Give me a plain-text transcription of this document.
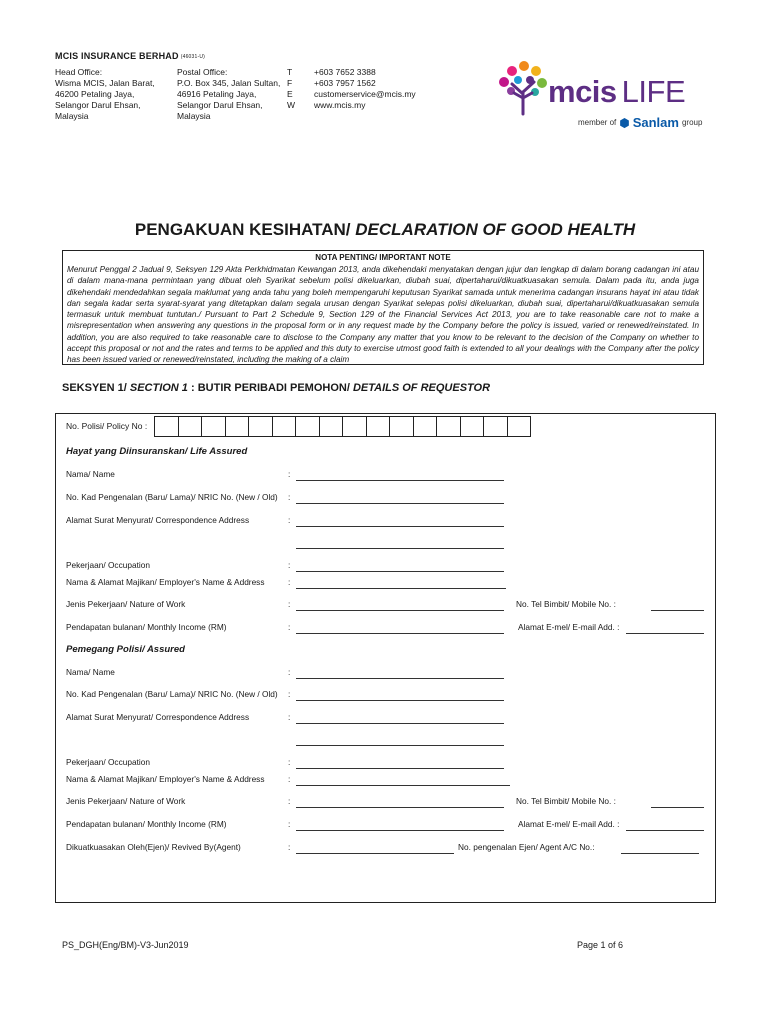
MCIS INSURANCE BERHAD (46031-U)
Head Office:
Wisma MCIS, Jalan Barat,
46200 Petaling Jaya,
Selangor Darul Ehsan,
Malaysia
Postal Office:
P.O. Box 345, Jalan Sultan,
46916 Petaling Jaya,
Selangor Darul Ehsan,
Malaysia
T	+603 7652 3388
F	+603 7957 1562
E	customerservice@mcis.my
W	www.mcis.my	mcis LIFE
member of ⬢ Sanlam group
PENGAKUAN KESIHATAN/ DECLARATION OF GOOD HEALTH
NOTA PENTING/ IMPORTANT NOTE
Menurut Penggal 2 Jadual 9, Seksyen 129 Akta Perkhidmatan Kewangan 2013, anda dikehendaki menyatakan dengan jujur dan lengkap di dalam borang cadangan ini atau di dalam mana-mana permintaan yang dibuat oleh Syarikat sebelum polisi dikeluarkan, diubah suai, dipertaharui/dikuatkuasakan semula. Dalam pada itu, anda juga dikehendaki mendedahkan segala maklumat yang anda tahu yang boleh mempengaruhi keputusan Syarikat samada untuk menerima cadangan insurans hayat ini atau tidak dan segala kadar serta syarat-syarat yang ditetapkan dalam segala urusan dengan Syarikat selepas polisi dikeluarkan, diubah suai, dipertaharui/dikuatkuasakan semula termasuk untuk membuat tuntutan./ Pursuant to Part 2 Schedule 9, Section 129 of the Financial Services Act 2013, you are to take reasonable care not to make a misrepresentation when answering any questions in the proposal form or in any request made by the Company before the policy is issued, varied or renewed/reinstated. In addition, you are also required to take reasonable care to disclose to the Company any matter that you know to be relevant to the decision of the Company on whether to accept this proposal or not and the rates and terms to be applied and this duty to exercise utmost good faith is extended to all your dealings with the Company after the policy has been issued varied or renewed/reinstated, including the making of a claim
SEKSYEN 1/ SECTION 1 : BUTIR PERIBADI PEMOHON/ DETAILS OF REQUESTOR
No. Polisi/ Policy No :
Hayat yang Diinsuranskan/ Life Assured
Nama/ Name	:
No. Kad Pengenalan (Baru/ Lama)/ NRIC No. (New / Old) :
Alamat Surat Menyurat/ Correspondence Address	:
Pekerjaan/ Occupation	:
Nama & Alamat Majikan/ Employer's Name & Address	:
Jenis Pekerjaan/ Nature of Work	:	No. Tel Bimbit/ Mobile No. :
Pendapatan bulanan/ Monthly Income (RM)	:	Alamat E-mel/ E-mail Add. :
Pemegang Polisi/ Assured
Nama/ Name	:
No. Kad Pengenalan (Baru/ Lama)/ NRIC No. (New / Old) :
Alamat Surat Menyurat/ Correspondence Address	:
Pekerjaan/ Occupation	:
Nama & Alamat Majikan/ Employer's Name & Address	:
Jenis Pekerjaan/ Nature of Work	:	No. Tel Bimbit/ Mobile No. :
Pendapatan bulanan/ Monthly Income (RM)	:	Alamat E-mel/ E-mail Add. :
Dikuatkuasakan Oleh(Ejen)/ Revived By(Agent)	:	No. pengenalan Ejen/ Agent A/C No.:
PS_DGH(Eng/BM)-V3-Jun2019	Page 1 of 6
